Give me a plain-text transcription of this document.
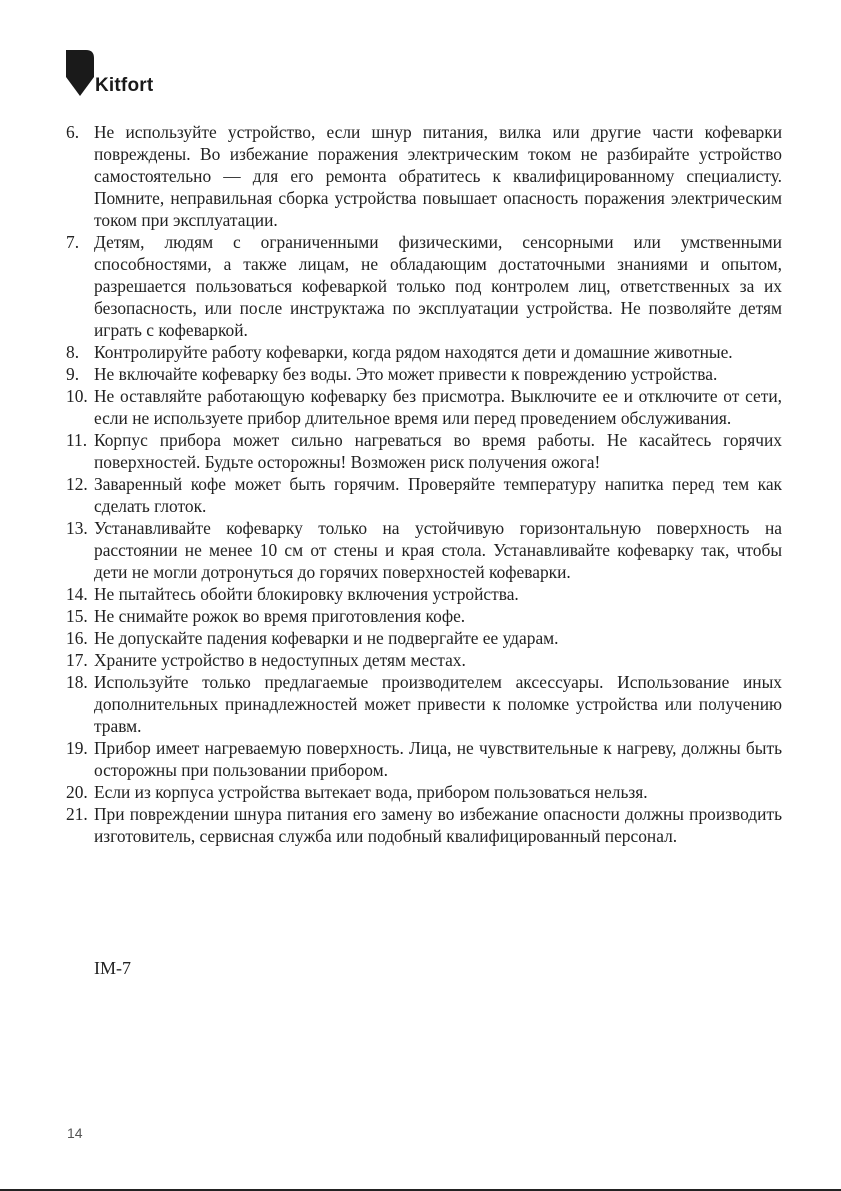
Kitfort
6. Не используйте устройство, если шнур питания, вилка или другие части кофеварки повреждены. Во избежание поражения электрическим током не разбирайте устройство самостоятельно — для его ремонта обратитесь к квалифицированному специалисту. Помните, неправильная сборка устройства повышает опасность поражения электрическим током при эксплуатации.
7. Детям, людям с ограниченными физическими, сенсорными или умственными способностями, а также лицам, не обладающим достаточными знаниями и опытом, разрешается пользоваться кофеваркой только под контролем лиц, ответственных за их безопасность, или после инструктажа по эксплуатации устройства. Не позволяйте детям играть с кофеваркой.
8. Контролируйте работу кофеварки, когда рядом находятся дети и домашние животные.
9. Не включайте кофеварку без воды. Это может привести к повреждению устройства.
10. Не оставляйте работающую кофеварку без присмотра. Выключите ее и отключите от сети, если не используете прибор длительное время или перед проведением обслуживания.
11. Корпус прибора может сильно нагреваться во время работы. Не касайтесь горячих поверхностей. Будьте осторожны! Возможен риск получения ожога!
12. Заваренный кофе может быть горячим. Проверяйте температуру напитка перед тем как сделать глоток.
13. Устанавливайте кофеварку только на устойчивую горизонтальную поверхность на расстоянии не менее 10 см от стены и края стола. Устанавливайте кофеварку так, чтобы дети не могли дотронуться до горячих поверхностей кофеварки.
14. Не пытайтесь обойти блокировку включения устройства.
15. Не снимайте рожок во время приготовления кофе.
16. Не допускайте падения кофеварки и не подвергайте ее ударам.
17. Храните устройство в недоступных детям местах.
18. Используйте только предлагаемые производителем аксессуары. Использование иных дополнительных принадлежностей может привести к поломке устройства или получению травм.
19. Прибор имеет нагреваемую поверхность. Лица, не чувствительные к нагреву, должны быть осторожны при пользовании прибором.
20. Если из корпуса устройства вытекает вода, прибором пользоваться нельзя.
21. При повреждении шнура питания его замену во избежание опасности должны производить изготовитель, сервисная служба или подобный квалифицированный персонал.
IM-7
14
